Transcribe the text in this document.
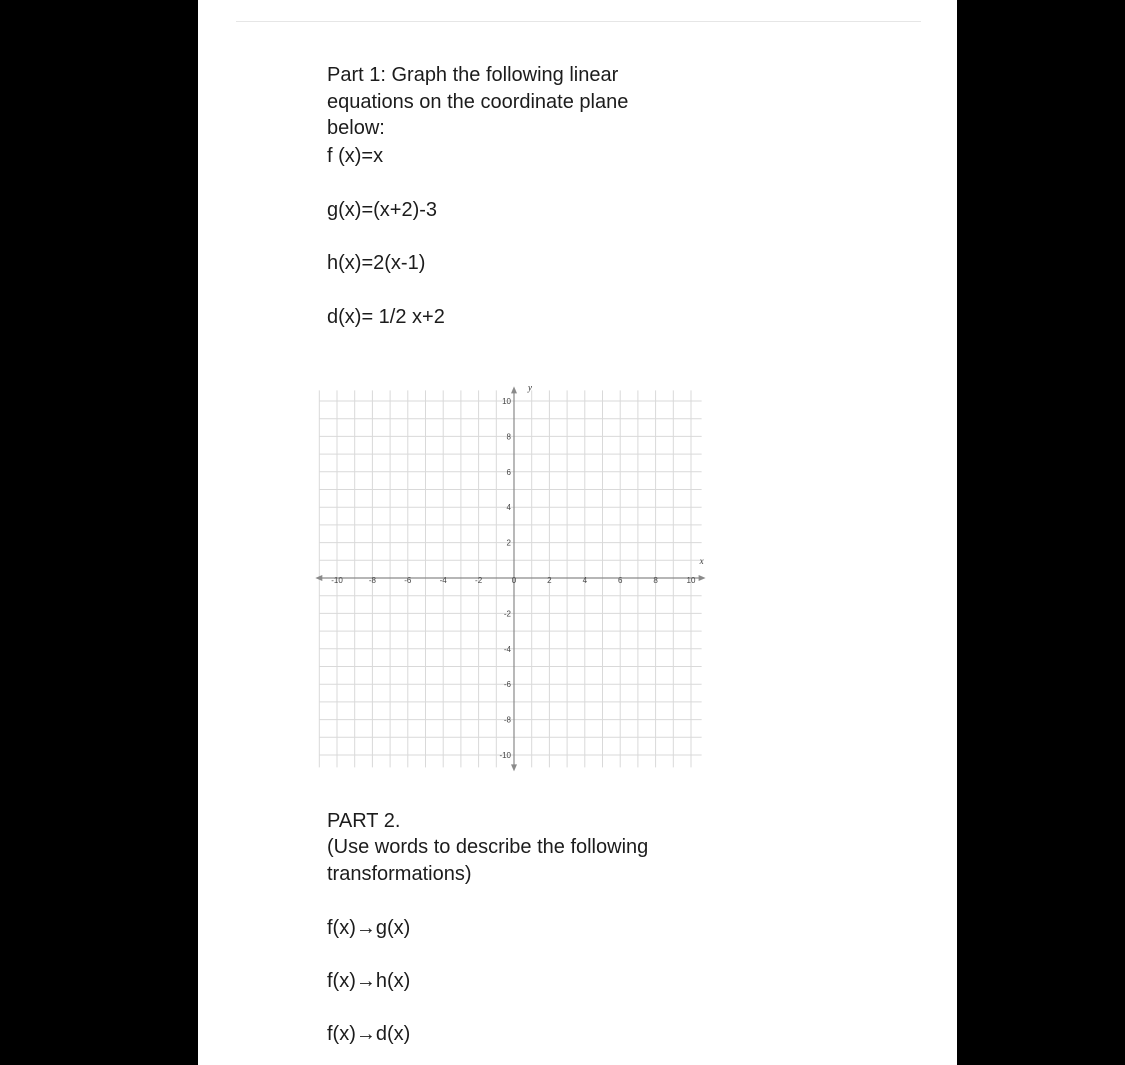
Part 1: Graph the following linear
equations on the coordinate plane
below:

f (x)=x

g(x)=(x+2)-3

h(x)=2(x-1)

d(x)= 1/2 x+2

-10	-8	-6	-4	-2	0	2	4	6	8	10
10
8
6
4
2
-2
-4
-6
-8
-10
x
y

PART 2.

(Use words to describe the following
transformations)

f(x)→g(x)

f(x)→h(x)

f(x)→d(x)
